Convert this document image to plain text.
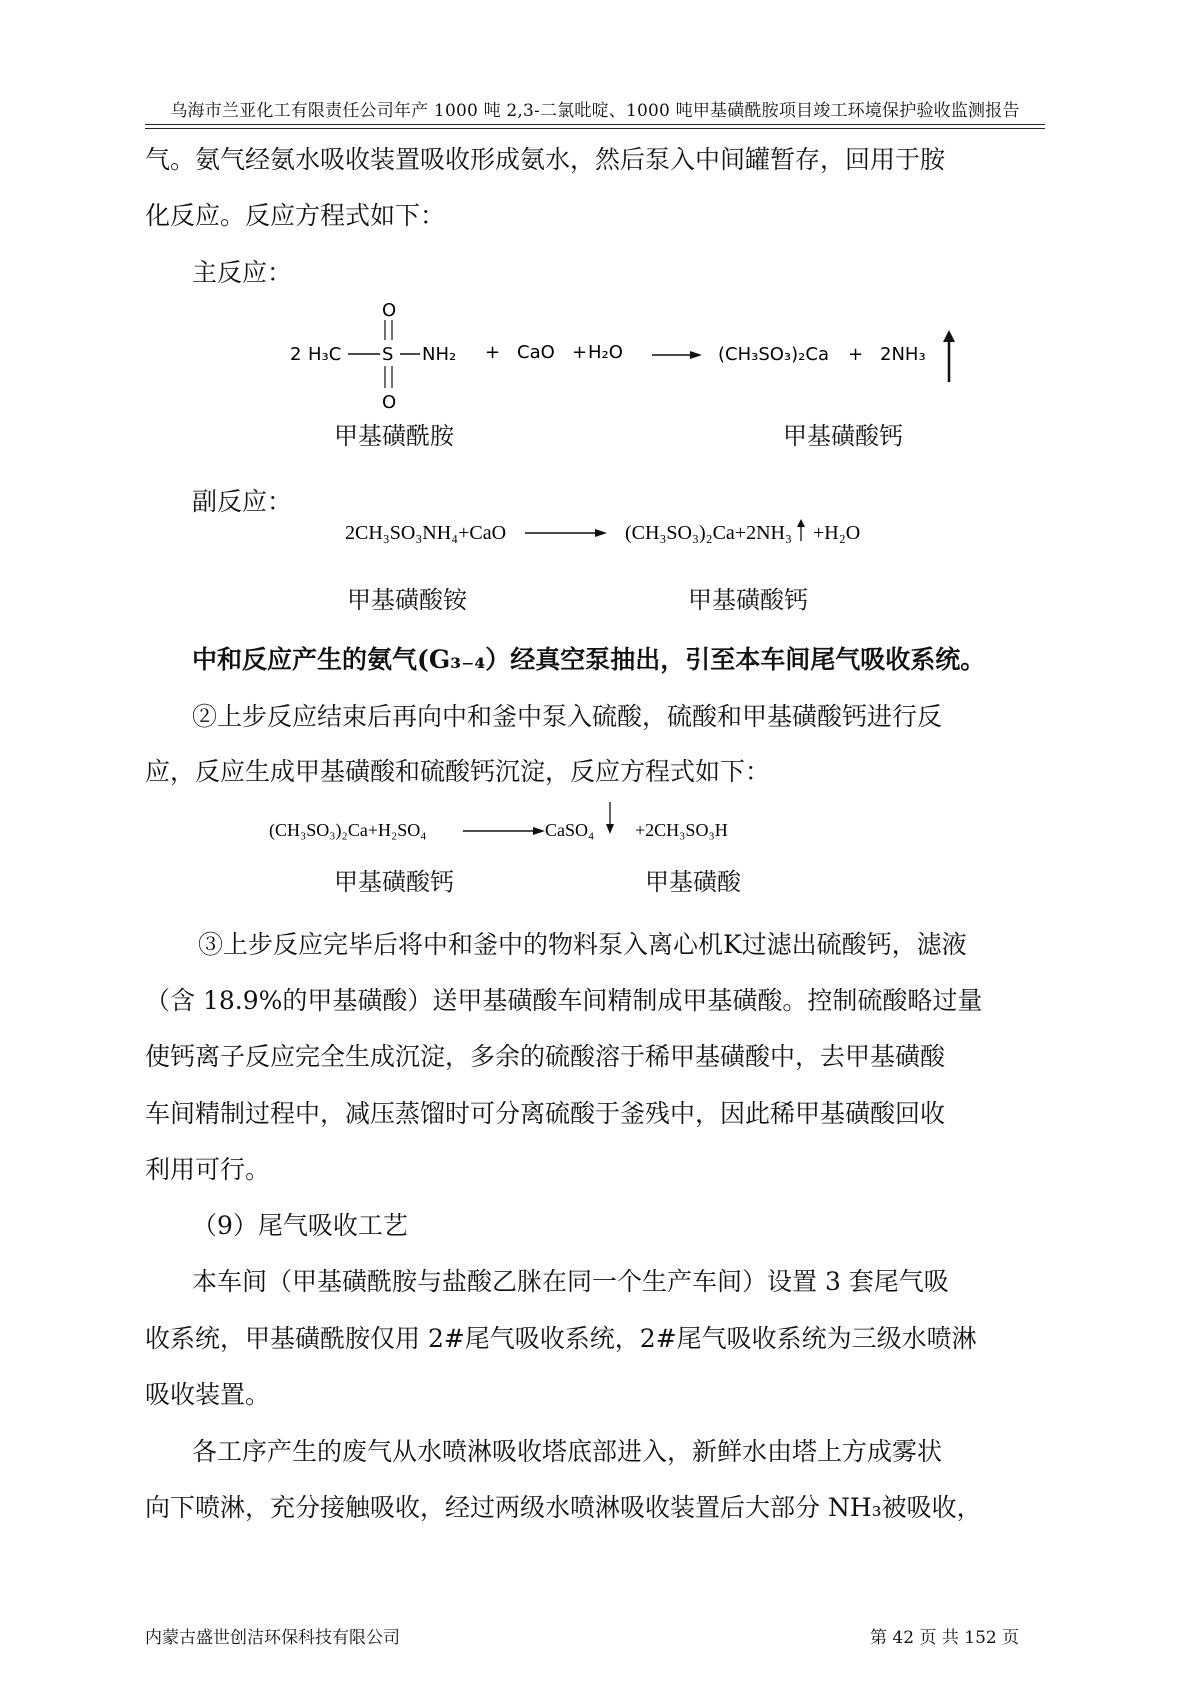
乌海市兰亚化工有限责任公司年产 1000 吨 2,3-二氯吡啶、1000 吨甲基磺酰胺项目竣工环境保护验收监测报告
气。氨气经氨水吸收装置吸收形成氨水，然后泵入中间罐暂存，回用于胺
化反应。反应方程式如下：
主反应：
2 H₃C S
O
O
NH₂ + CaO + H₂O	(CH₃SO₃)₂Ca + 2NH₃
甲基磺酰胺	甲基磺酸钙
副反应：
2CH₃SO₃NH₄+CaO	(CH₃SO₃)₂Ca+2NH₃ +H₂O
甲基磺酸铵	甲基磺酸钙
中和反应产生的氨气(G₃₋₄）经真空泵抽出，引至本车间尾气吸收系统。
②上步反应结束后再向中和釜中泵入硫酸，硫酸和甲基磺酸钙进行反
应，反应生成甲基磺酸和硫酸钙沉淀，反应方程式如下：
(CH₃SO₃)₂Ca+H₂SO₄	CaSO₄ +2CH₃SO₃H
甲基磺酸钙	甲基磺酸
③上步反应完毕后将中和釜中的物料泵入离心机K过滤出硫酸钙，滤液
（含 18.9%的甲基磺酸）送甲基磺酸车间精制成甲基磺酸。控制硫酸略过量
使钙离子反应完全生成沉淀，多余的硫酸溶于稀甲基磺酸中，去甲基磺酸
车间精制过程中，减压蒸馏时可分离硫酸于釜残中，因此稀甲基磺酸回收
利用可行。
（9）尾气吸收工艺
本车间（甲基磺酰胺与盐酸乙脒在同一个生产车间）设置 3 套尾气吸
收系统，甲基磺酰胺仅用 2#尾气吸收系统，2#尾气吸收系统为三级水喷淋
吸收装置。
各工序产生的废气从水喷淋吸收塔底部进入，新鲜水由塔上方成雾状
向下喷淋，充分接触吸收，经过两级水喷淋吸收装置后大部分 NH₃被吸收，
内蒙古盛世创洁环保科技有限公司	第 42 页 共 152 页
